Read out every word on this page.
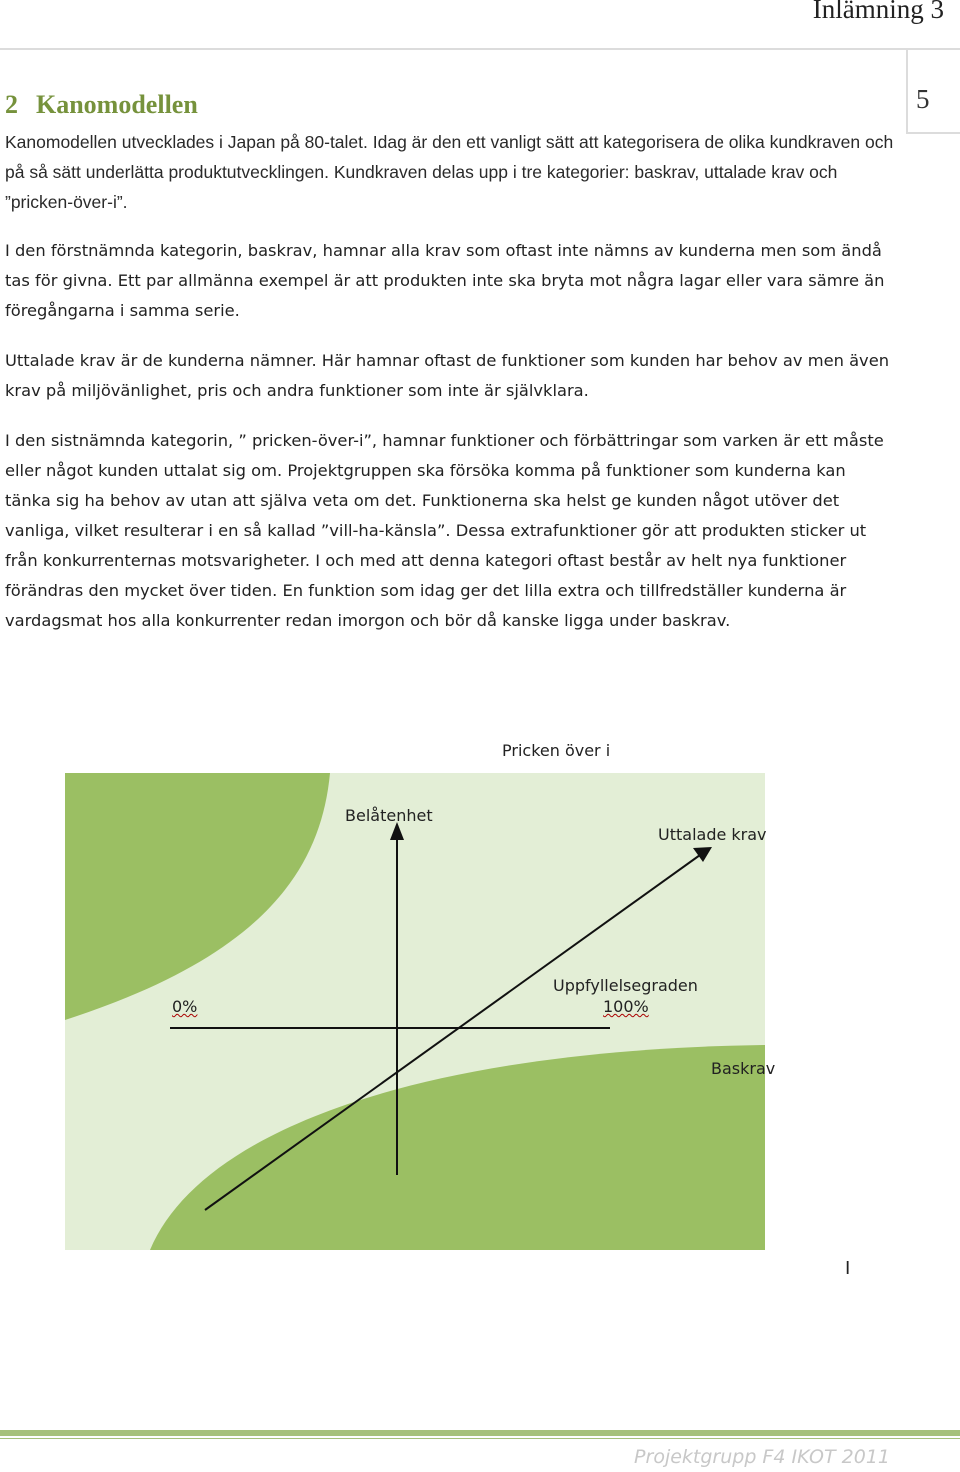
Inlämning 3
5
2 Kanomodellen

Kanomodellen utvecklades i Japan på 80-talet. Idag är den ett vanligt sätt att kategorisera de olika kundkraven och på så sätt underlätta produktutvecklingen. Kundkraven delas upp i tre kategorier: baskrav, uttalade krav och ”pricken-över-i”.

I den förstnämnda kategorin, baskrav, hamnar alla krav som oftast inte nämns av kunderna men som ändå tas för givna. Ett par allmänna exempel är att produkten inte ska bryta mot några lagar eller vara sämre än föregångarna i samma serie.

Uttalade krav är de kunderna nämner. Här hamnar oftast de funktioner som kunden har behov av men även krav på miljövänlighet, pris och andra funktioner som inte är självklara.

I den sistnämnda kategorin, ” pricken-över-i”, hamnar funktioner och förbättringar som varken är ett måste eller något kunden uttalat sig om. Projektgruppen ska försöka komma på funktioner som kunderna kan tänka sig ha behov av utan att själva veta om det. Funktionerna ska helst ge kunden något utöver det vanliga, vilket resulterar i en så kallad ”vill-ha-känsla”. Dessa extrafunktioner gör att produkten sticker ut från konkurrenternas motsvarigheter. I och med att denna kategori oftast består av helt nya funktioner förändras den mycket över tiden. En funktion som idag ger det lilla extra och tillfredställer kunderna är vardagsmat hos alla konkurrenter redan imorgon och bör då kanske ligga under baskrav.

Pricken över i
Belåtenhet
Uttalade krav
Uppfyllelsegraden
100%
0%
Baskrav
I
Projektgrupp F4 IKOT 2011
